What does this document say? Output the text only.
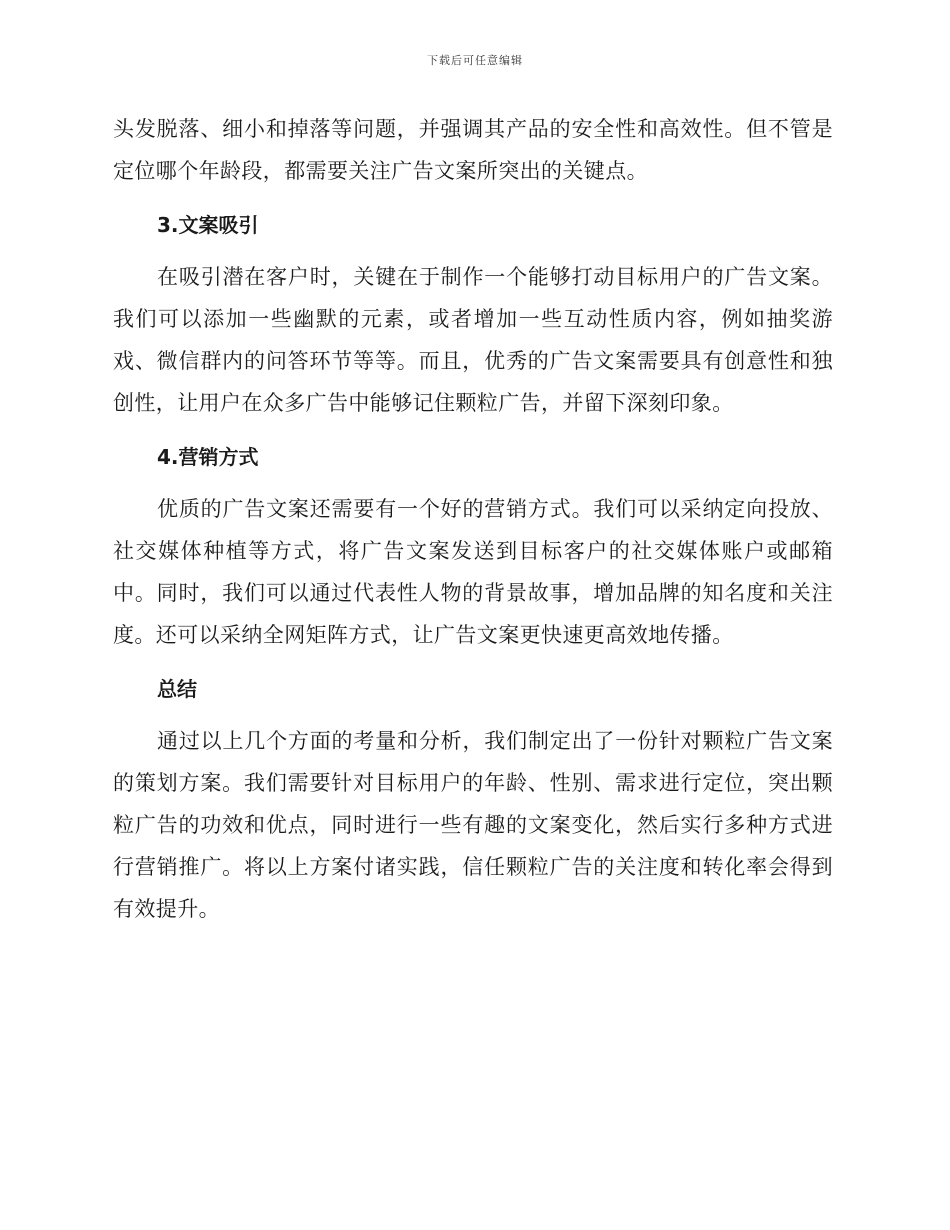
下载后可任意编辑

头发脱落、细小和掉落等问题，并强调其产品的安全性和高效性。但不管是定位哪个年龄段，都需要关注广告文案所突出的关键点。

3.文案吸引

在吸引潜在客户时，关键在于制作一个能够打动目标用户的广告文案。我们可以添加一些幽默的元素，或者增加一些互动性质内容，例如抽奖游戏、微信群内的问答环节等等。而且，优秀的广告文案需要具有创意性和独创性，让用户在众多广告中能够记住颗粒广告，并留下深刻印象。

4.营销方式

优质的广告文案还需要有一个好的营销方式。我们可以采纳定向投放、社交媒体种植等方式，将广告文案发送到目标客户的社交媒体账户或邮箱中。同时，我们可以通过代表性人物的背景故事，增加品牌的知名度和关注度。还可以采纳全网矩阵方式，让广告文案更快速更高效地传播。

总结

通过以上几个方面的考量和分析，我们制定出了一份针对颗粒广告文案的策划方案。我们需要针对目标用户的年龄、性别、需求进行定位，突出颗粒广告的功效和优点，同时进行一些有趣的文案变化，然后实行多种方式进行营销推广。将以上方案付诸实践，信任颗粒广告的关注度和转化率会得到有效提升。
